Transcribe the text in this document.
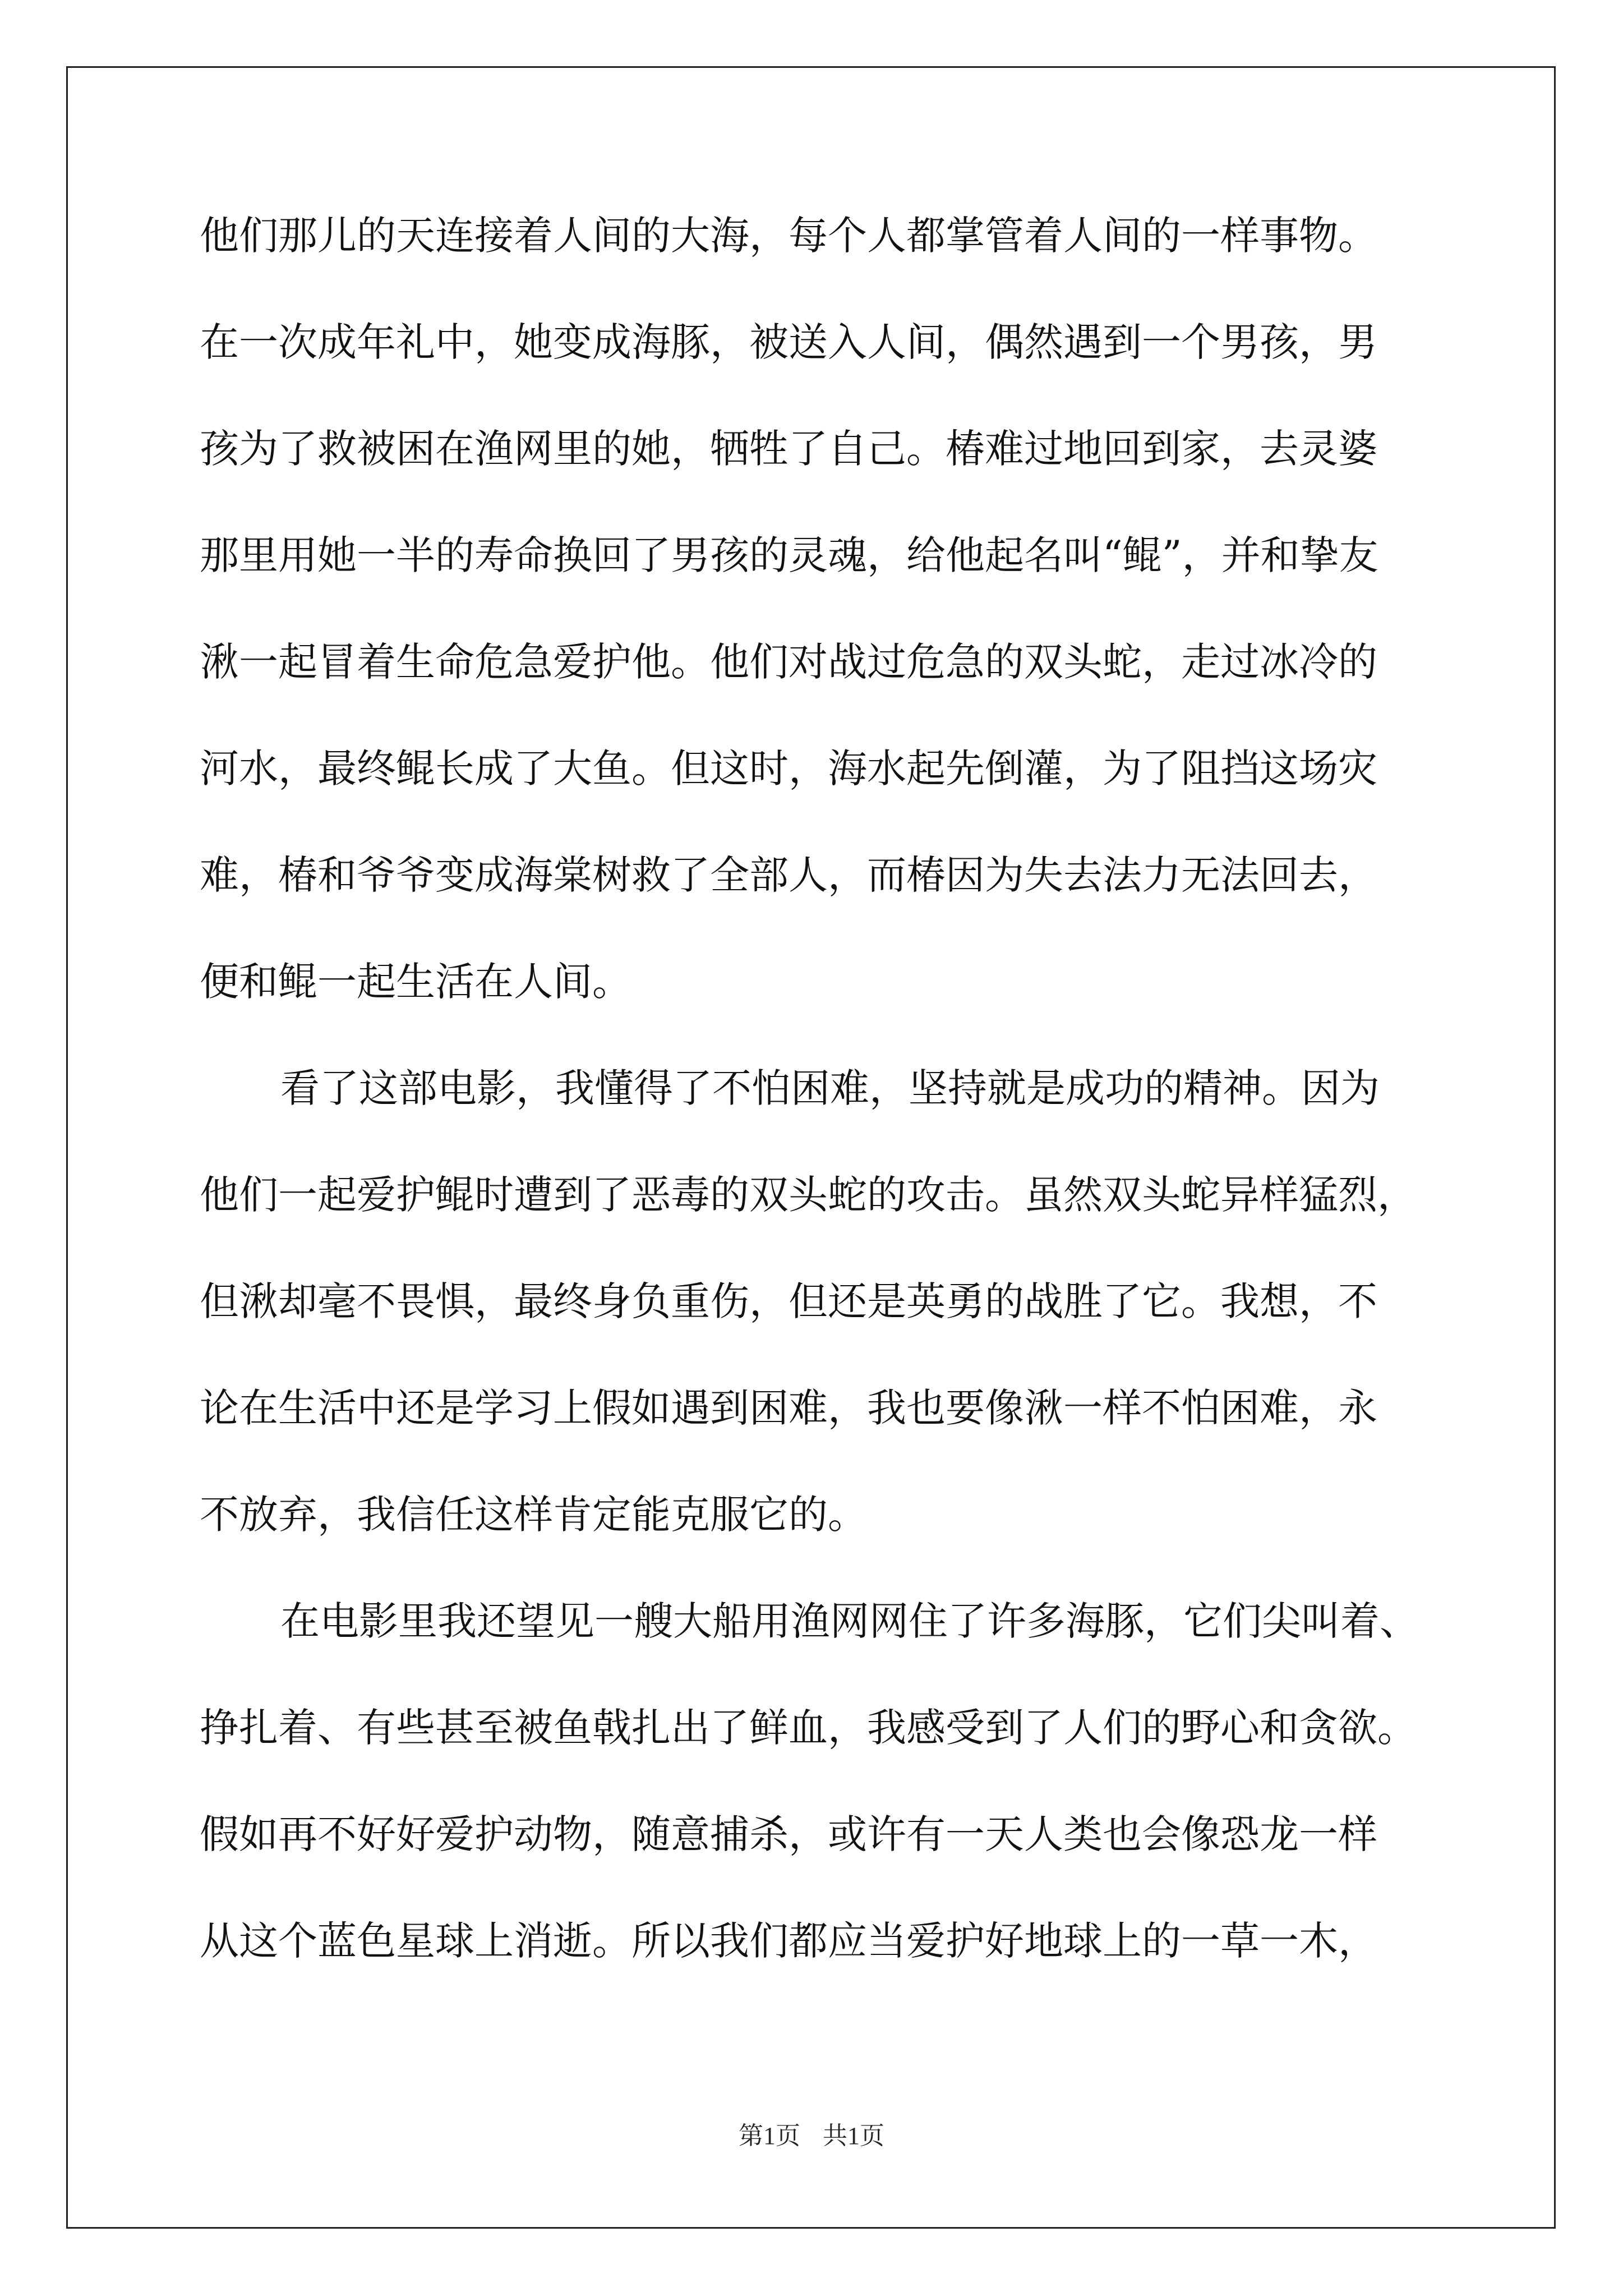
他们那儿的天连接着人间的大海，每个人都掌管着人间的一样事物。
在一次成年礼中，她变成海豚，被送入人间，偶然遇到一个男孩，男
孩为了救被困在渔网里的她，牺牲了自己。椿难过地回到家，去灵婆
那里用她一半的寿命换回了男孩的灵魂，给他起名叫“鲲”，并和挚友
湫一起冒着生命危急爱护他。他们对战过危急的双头蛇，走过冰冷的
河水，最终鲲长成了大鱼。但这时，海水起先倒灌，为了阻挡这场灾
难，椿和爷爷变成海棠树救了全部人，而椿因为失去法力无法回去，
便和鲲一起生活在人间。
看了这部电影，我懂得了不怕困难，坚持就是成功的精神。因为
他们一起爱护鲲时遭到了恶毒的双头蛇的攻击。虽然双头蛇异样猛烈，
但湫却毫不畏惧，最终身负重伤，但还是英勇的战胜了它。我想，不
论在生活中还是学习上假如遇到困难，我也要像湫一样不怕困难，永
不放弃，我信任这样肯定能克服它的。
在电影里我还望见一艘大船用渔网网住了许多海豚，它们尖叫着、
挣扎着、有些甚至被鱼戟扎出了鲜血，我感受到了人们的野心和贪欲。
假如再不好好爱护动物，随意捕杀，或许有一天人类也会像恐龙一样
从这个蓝色星球上消逝。所以我们都应当爱护好地球上的一草一木，
第1页 共1页
